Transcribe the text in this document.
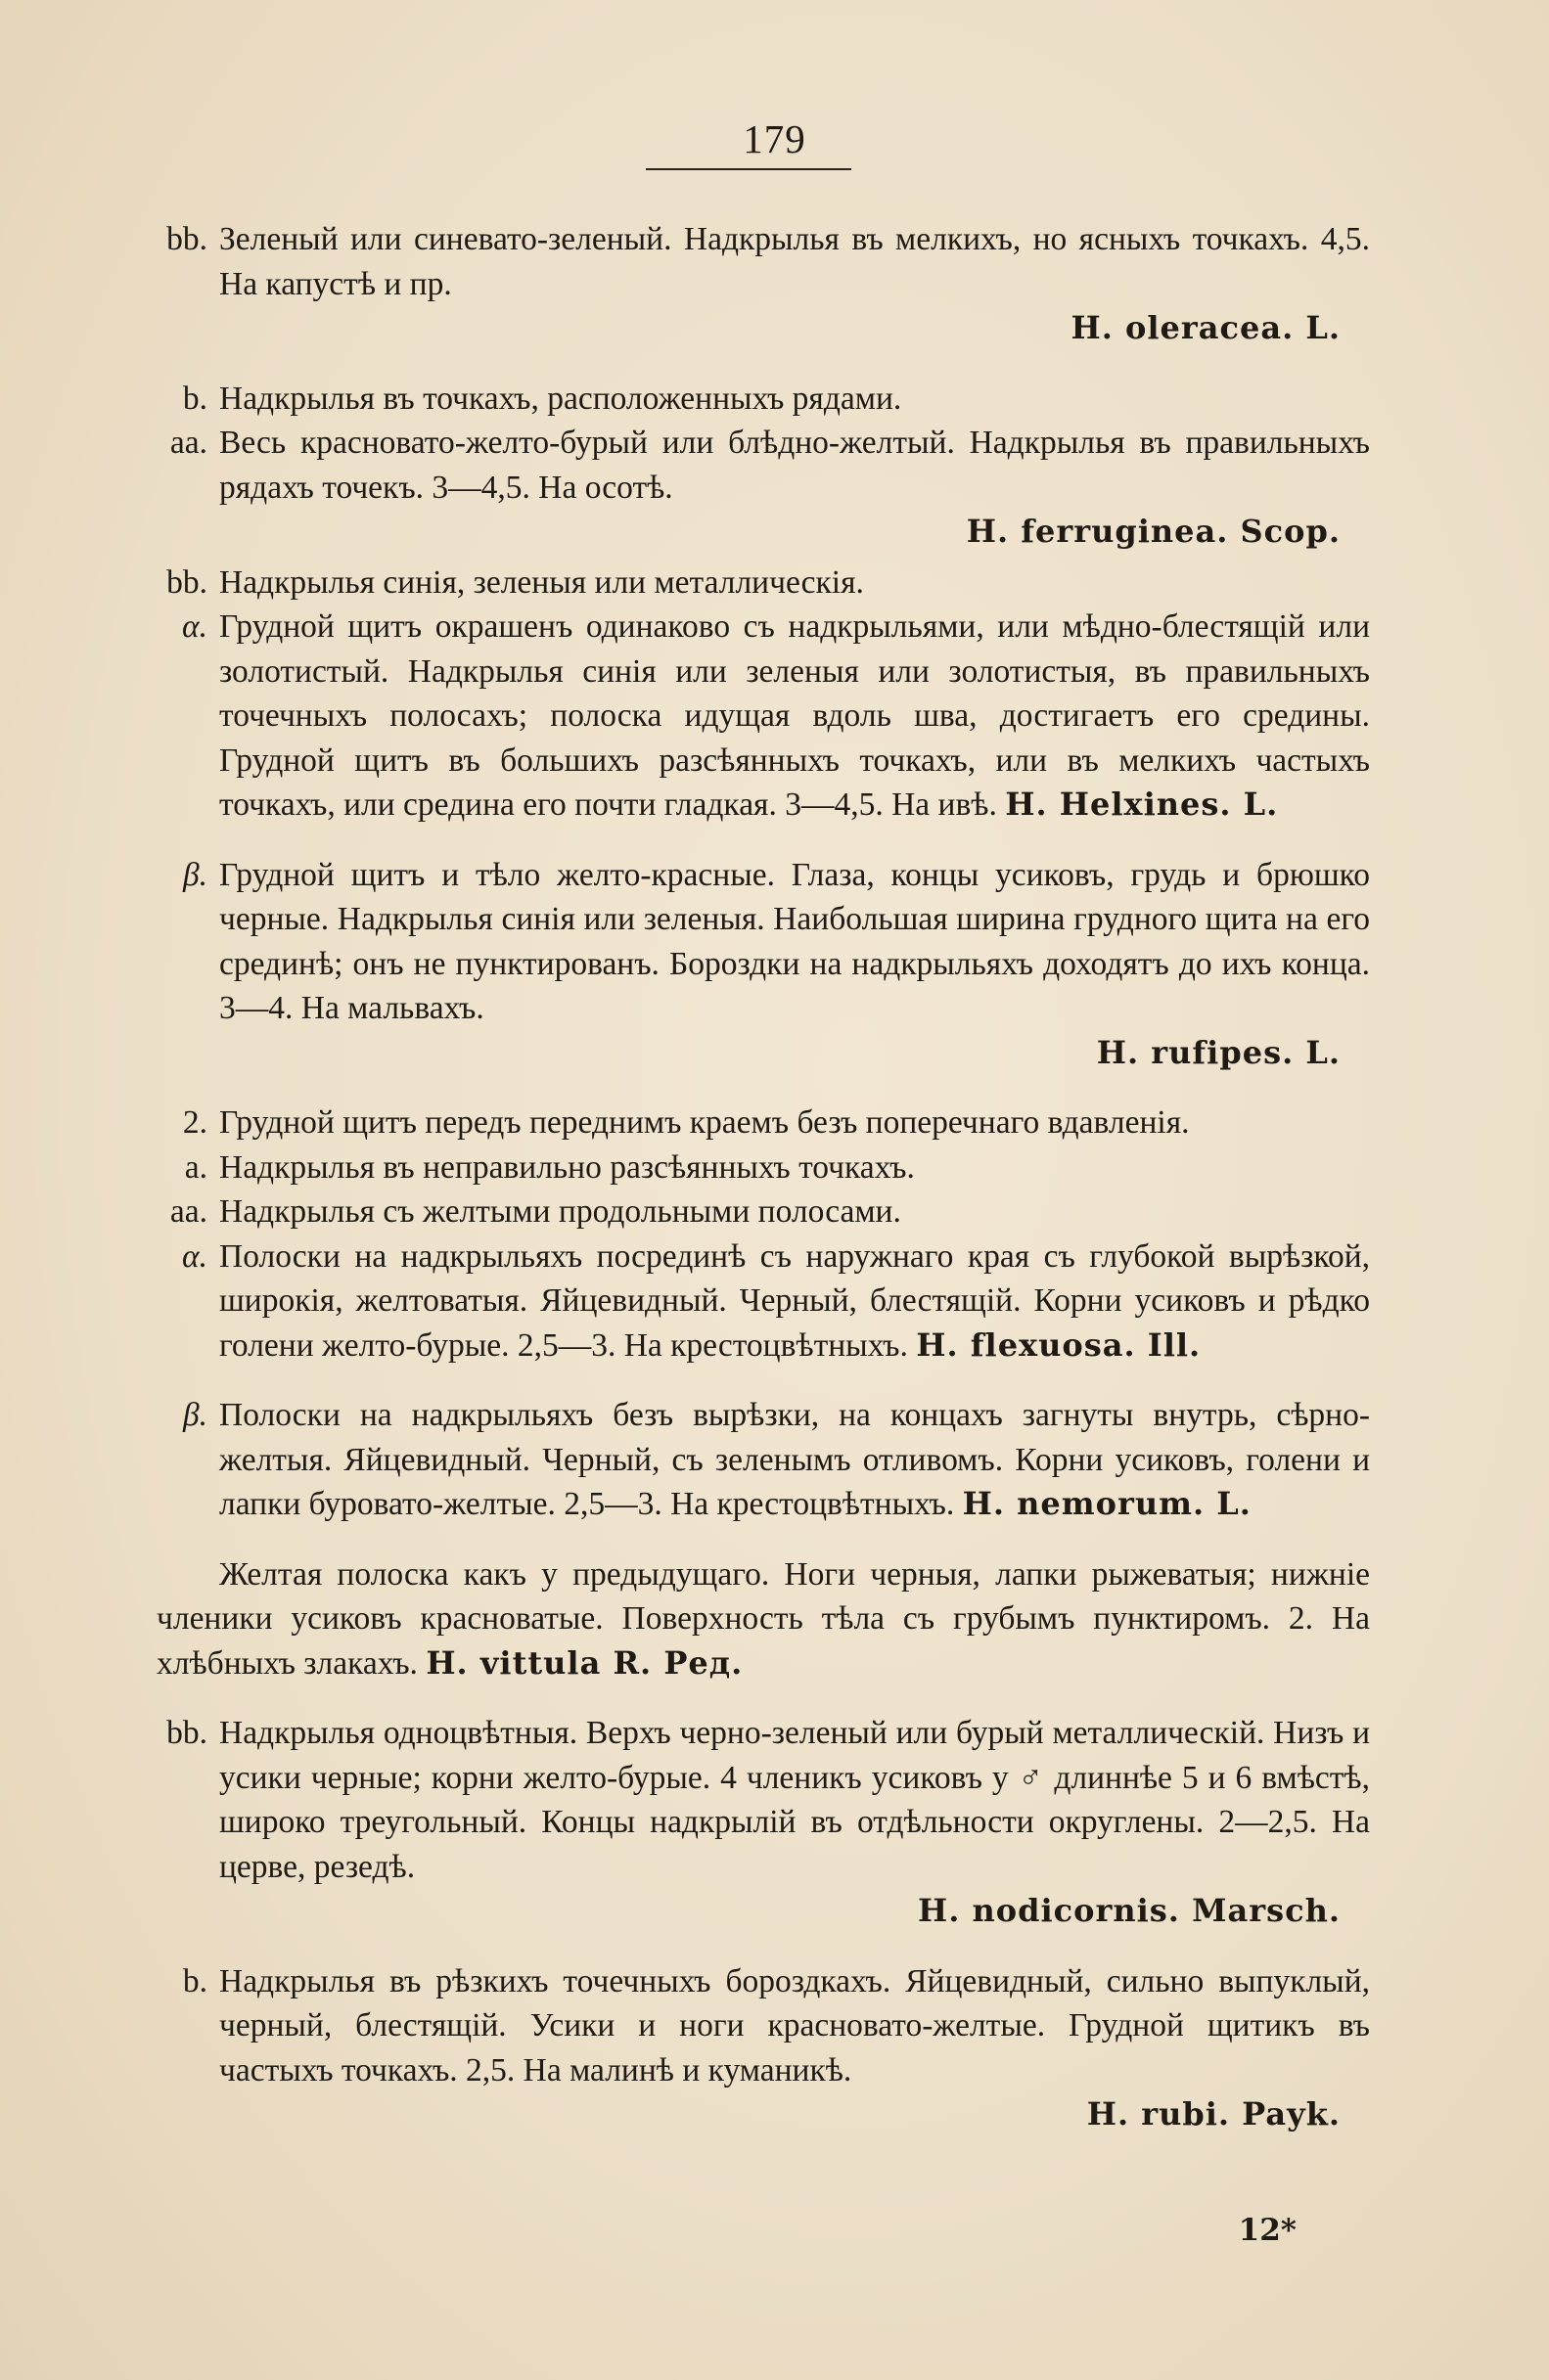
179
bb. Зеленый или синевато-зеленый. Надкрылья въ мелкихъ, но ясныхъ точкахъ. 4,5. На капустѣ и пр.
H. oleracea. L.
b. Надкрылья въ точкахъ, расположенныхъ рядами.
aa. Весь красновато-желто-бурый или блѣдно-желтый. Надкрылья въ правильныхъ рядахъ точекъ. 3—4,5. На осотѣ.
H. ferruginea. Scop.
bb. Надкрылья синія, зеленыя или металлическія.
α. Грудной щитъ окрашенъ одинаково съ надкрыльями, или мѣдно-блестящій или золотистый. Надкрылья синія или зеленыя или золотистыя, въ правильныхъ точечныхъ полосахъ; полоска идущая вдоль шва, достигаетъ его средины. Грудной щитъ въ большихъ разсѣянныхъ точкахъ, или въ мелкихъ частыхъ точкахъ, или средина его почти гладкая. 3—4,5. На ивѣ. H. Helxines. L.
β. Грудной щитъ и тѣло желто-красные. Глаза, концы усиковъ, грудь и брюшко черные. Надкрылья синія или зеленыя. Наибольшая ширина грудного щита на его срединѣ; онъ не пунктированъ. Бороздки на надкрыльяхъ доходятъ до ихъ конца. 3—4. На мальвахъ.
H. rufipes. L.
2. Грудной щитъ передъ переднимъ краемъ безъ поперечнаго вдавленія.
a. Надкрылья въ неправильно разсѣянныхъ точкахъ.
aa. Надкрылья съ желтыми продольными полосами.
α. Полоски на надкрыльяхъ посрединѣ съ наружнаго края съ глубокой вырѣзкой, широкія, желтоватыя. Яйцевидный. Черный, блестящій. Корни усиковъ и рѣдко голени желто-бурые. 2,5—3. На крестоцвѣтныхъ. H. flexuosa. Ill.
β. Полоски на надкрыльяхъ безъ вырѣзки, на концахъ загнуты внутрь, сѣрно-желтыя. Яйцевидный. Черный, съ зеленымъ отливомъ. Корни усиковъ, голени и лапки буровато-желтые. 2,5—3. На крестоцвѣтныхъ. H. nemorum. L.
Желтая полоска какъ у предыдущаго. Ноги черныя, лапки рыжеватыя; нижніе членики усиковъ красноватые. Поверхность тѣла съ грубымъ пунктиромъ. 2. На хлѣбныхъ злакахъ. H. vittula R. Ред.
bb. Надкрылья одноцвѣтныя. Верхъ черно-зеленый или бурый металлическій. Низъ и усики черные; корни желто-бурые. 4 членикъ усиковъ у ♂ длиннѣе 5 и 6 вмѣстѣ, широко треугольный. Концы надкрылій въ отдѣльности округлены. 2—2,5. На церве, резедѣ.
H. nodicornis. Marsch.
b. Надкрылья въ рѣзкихъ точечныхъ бороздкахъ. Яйцевидный, сильно выпуклый, черный, блестящій. Усики и ноги красновато-желтые. Грудной щитикъ въ частыхъ точкахъ. 2,5. На малинѣ и куманикѣ.
H. rubi. Payk.
12*
